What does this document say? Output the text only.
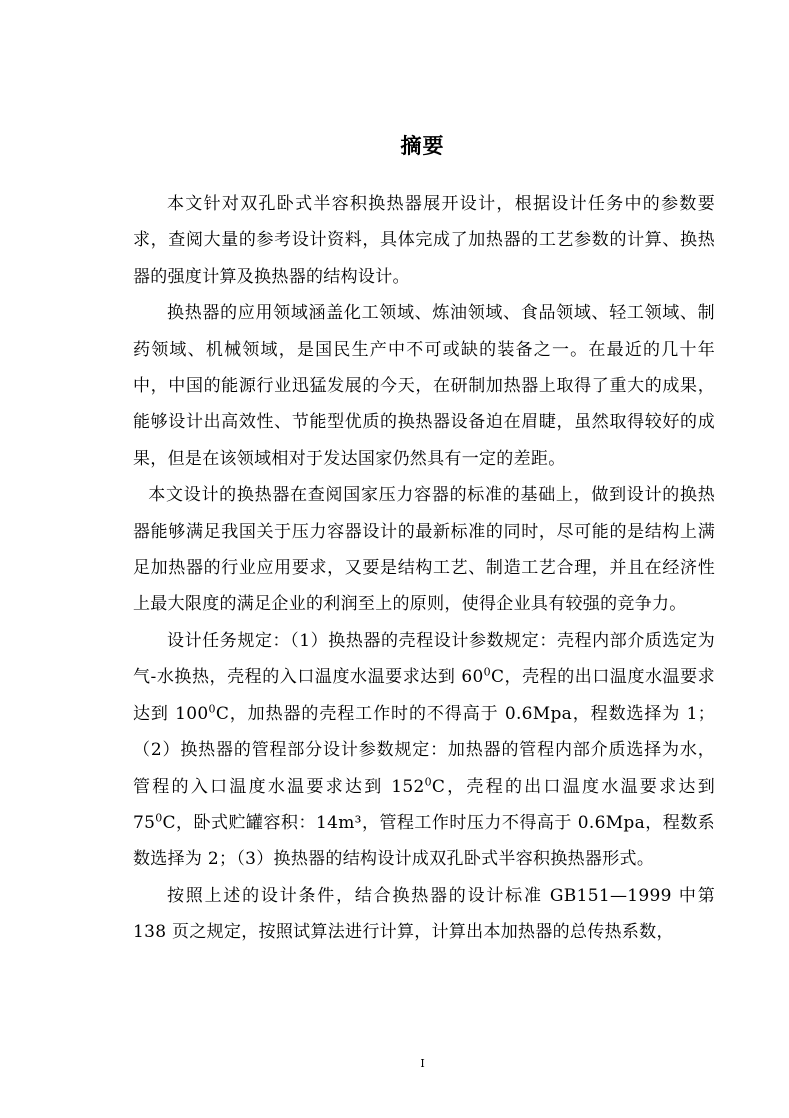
摘要

本文针对双孔卧式半容积换热器展开设计，根据设计任务中的参数要求，查阅大量的参考设计资料，具体完成了加热器的工艺参数的计算、换热器的强度计算及换热器的结构设计。

换热器的应用领域涵盖化工领域、炼油领域、食品领域、轻工领域、制药领域、机械领域，是国民生产中不可或缺的装备之一。在最近的几十年中，中国的能源行业迅猛发展的今天，在研制加热器上取得了重大的成果，能够设计出高效性、节能型优质的换热器设备迫在眉睫，虽然取得较好的成果，但是在该领域相对于发达国家仍然具有一定的差距。

本文设计的换热器在查阅国家压力容器的标准的基础上，做到设计的换热器能够满足我国关于压力容器设计的最新标准的同时，尽可能的是结构上满足加热器的行业应用要求，又要是结构工艺、制造工艺合理，并且在经济性上最大限度的满足企业的利润至上的原则，使得企业具有较强的竞争力。

设计任务规定：（1）换热器的壳程设计参数规定：壳程内部介质选定为气-水换热，壳程的入口温度水温要求达到 $60^0C$，壳程的出口温度水温要求达到 $100^0C$，加热器的壳程工作时的不得高于 0.6Mpa，程数选择为 1；（2）换热器的管程部分设计参数规定：加热器的管程内部介质选择为水，管程的入口温度水温要求达到 $152^0C$，壳程的出口温度水温要求达到 $75^0C$，卧式贮罐容积：14m³，管程工作时压力不得高于 0.6Mpa，程数系数选择为 2；（3）换热器的结构设计成双孔卧式半容积换热器形式。

按照上述的设计条件，结合换热器的设计标准 GB151—1999 中第 138 页之规定，按照试算法进行计算，计算出本加热器的总传热系数，

I
